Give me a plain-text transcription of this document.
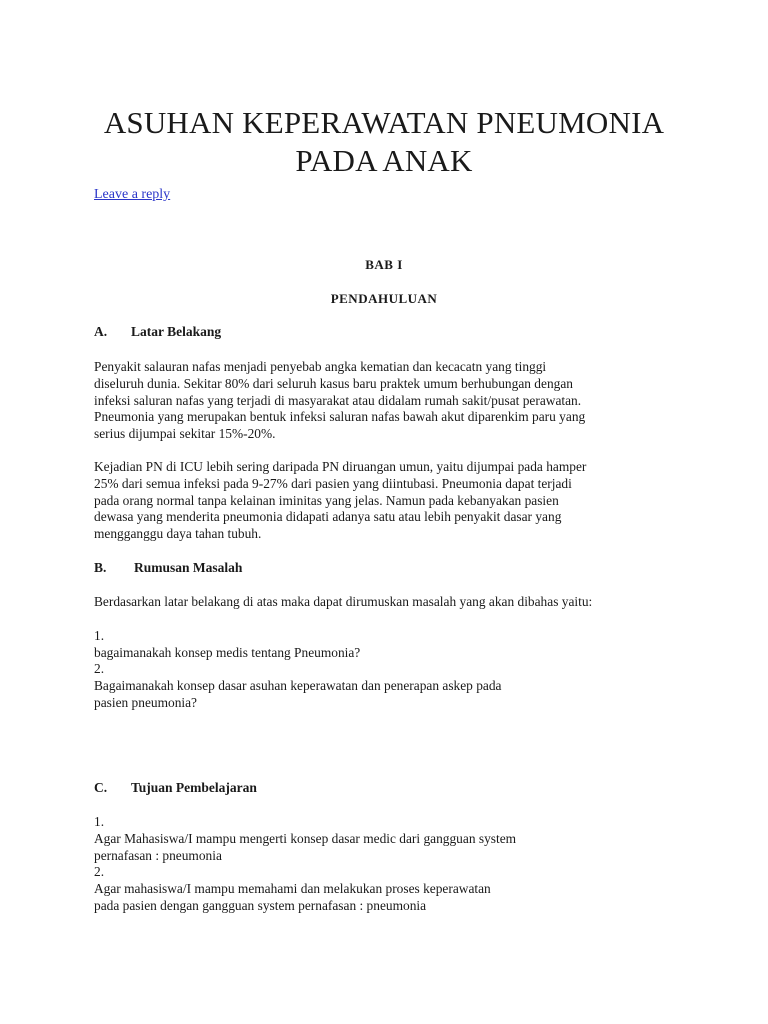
ASUHAN KEPERAWATAN PNEUMONIA
PADA ANAK
Leave a reply
BAB I
PENDAHULUAN
A. Latar Belakang

Penyakit salauran nafas menjadi penyebab angka kematian dan kecacatn yang tinggi
diseluruh dunia. Sekitar 80% dari seluruh kasus baru praktek umum berhubungan dengan
infeksi saluran nafas yang terjadi di masyarakat atau didalam rumah sakit/pusat perawatan.
Pneumonia yang merupakan bentuk infeksi saluran nafas bawah akut diparenkim paru yang
serius dijumpai sekitar 15%-20%.

Kejadian PN di ICU lebih sering daripada PN diruangan umun, yaitu dijumpai pada hamper
25% dari semua infeksi pada 9-27% dari pasien yang diintubasi. Pneumonia dapat terjadi
pada orang normal tanpa kelainan iminitas yang jelas. Namun pada kebanyakan pasien
dewasa yang menderita pneumonia didapati adanya satu atau lebih penyakit dasar yang
mengganggu daya tahan tubuh.

B. Rumusan Masalah

Berdasarkan latar belakang di atas maka dapat dirumuskan masalah yang akan dibahas yaitu:

1.
bagaimanakah konsep medis tentang Pneumonia?

2.
Bagaimanakah konsep dasar asuhan keperawatan dan penerapan askep pada
pasien pneumonia?

C. Tujuan Pembelajaran

1.
Agar Mahasiswa/I mampu mengerti konsep dasar medic dari gangguan system
pernafasan : pneumonia

2.
Agar mahasiswa/I mampu memahami dan melakukan proses keperawatan
pada pasien dengan gangguan system pernafasan : pneumonia
